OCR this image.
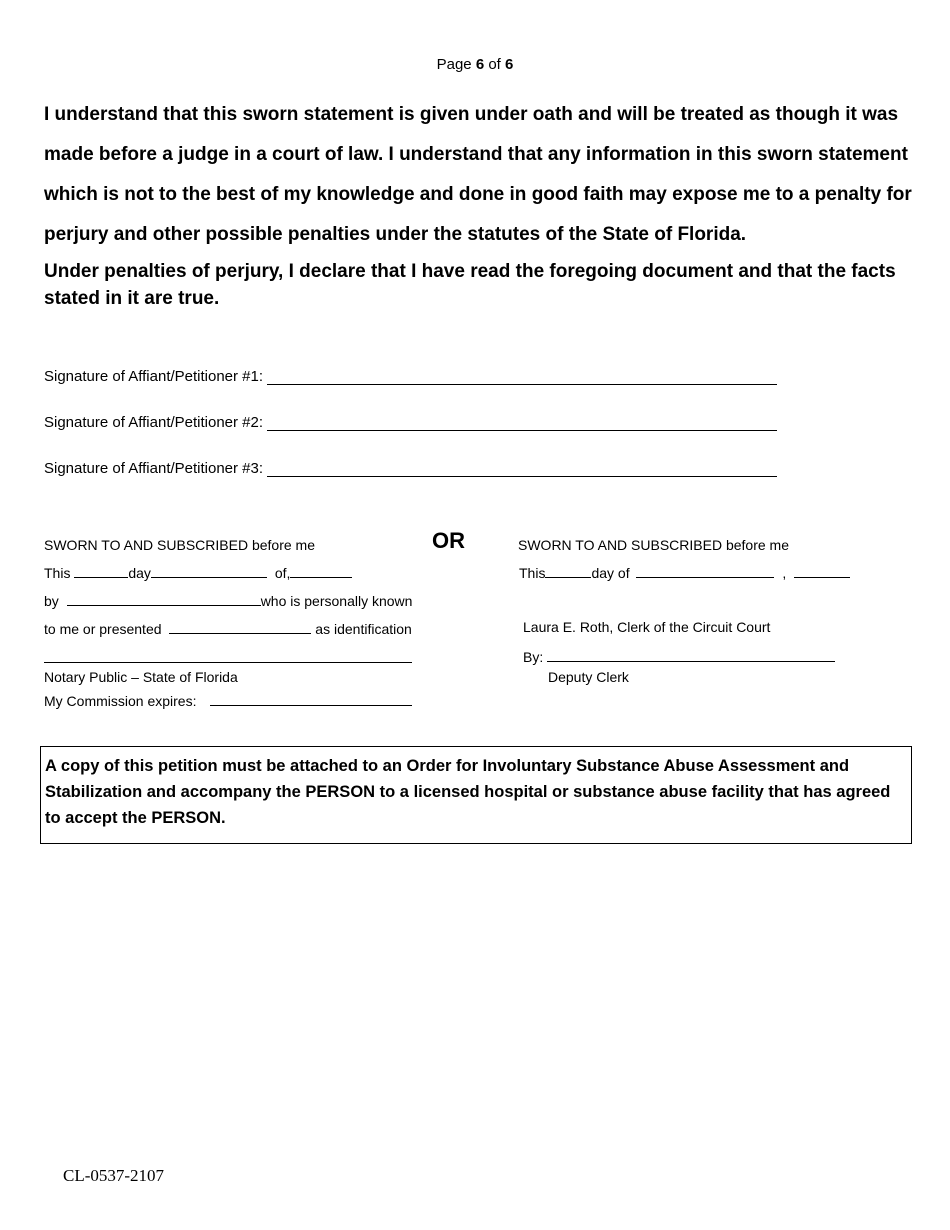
Page 6 of 6
I understand that this sworn statement is given under oath and will be treated as though it was made before a judge in a court of law. I understand that any information in this sworn statement which is not to the best of my knowledge and done in good faith may expose me to a penalty for perjury and other possible penalties under the statutes of the State of Florida.
Under penalties of perjury, I declare that I have read the foregoing document and that the facts stated in it are true.
Signature of Affiant/Petitioner #1:
Signature of Affiant/Petitioner #2:
Signature of Affiant/Petitioner #3:
SWORN TO AND SUBSCRIBED before me
This	day	of,
by	who is personally known
to me or presented	as identification
Notary Public – State of Florida
My Commission expires:
OR	SWORN TO AND SUBSCRIBED before me
This	day of	,
Laura E. Roth, Clerk of the Circuit Court
By:
Deputy Clerk
A copy of this petition must be attached to an Order for Involuntary Substance Abuse Assessment and Stabilization and accompany the PERSON to a licensed hospital or substance abuse facility that has agreed to accept the PERSON.
CL-0537-2107
